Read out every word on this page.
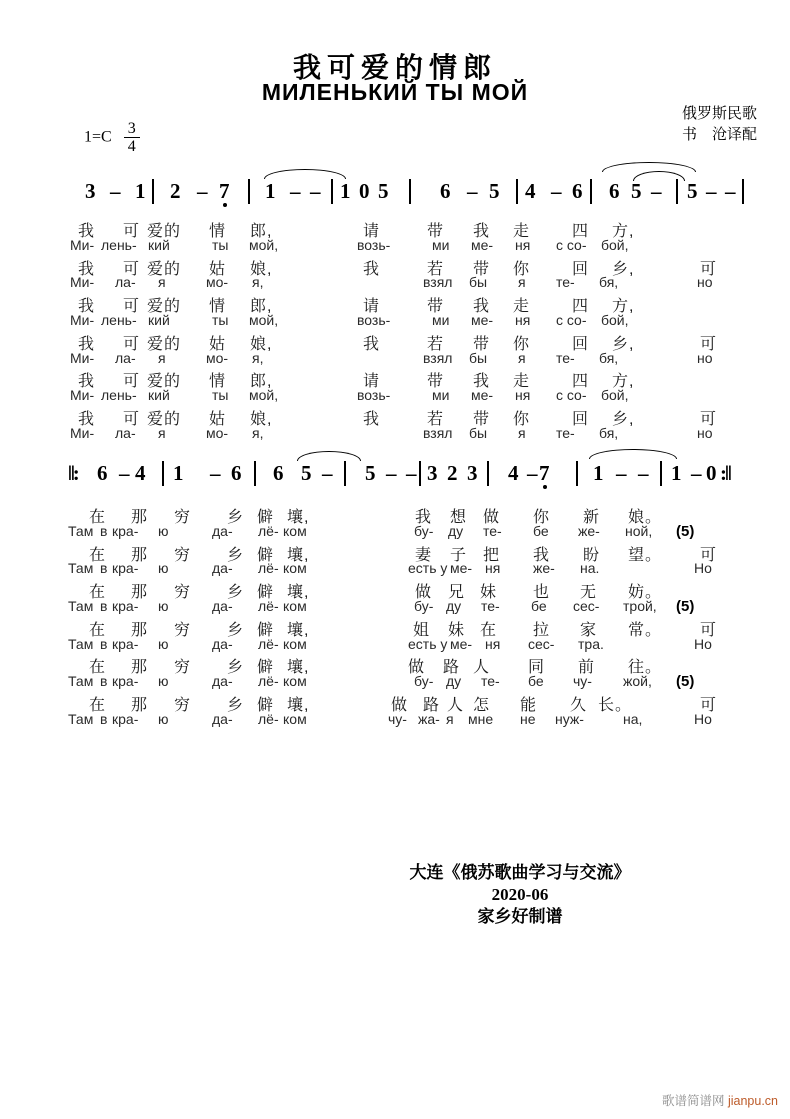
我可爱的情郎
МИЛЕНЬКИЙ ТЫ МОЙ
$1=C \frac{3}{4}$
俄罗斯民歌
书　沧译配
3 – 1 2 – 7 1 – – 1 0 5 6 – 5 4 – 6 6 5 – 5 – –
‖: 6 – 4 1 – 6 6 5 – 5 – – 3 2 3 4 – 7 1 – – 1 – 0 :‖
我 可 爱的 情 郎,	请	带 我 走	四 方,
Ми- лень- кий	ты мой,	возь-	ми ме- ня с со- бой,
我 可 爱的 姑 娘,	我	若 带 你	回 乡,	可
Ми- ла- я	мо- я,	взял бы я те- бя,	но
我 可 爱的 情 郎,	请	带 我 走	四 方,
Ми- лень- кий	ты мой,	возь-	ми ме- ня с со- бой,
我 可 爱的 姑 娘,	我	若 带 你	回 乡,	可
Ми- ла- я	мо- я,	взял бы я те- бя,	но
我 可 爱的 情 郎,	请	带 我 走	四 方,
Ми- лень- кий	ты мой,	возь-	ми ме- ня с со- бой,
我 可 爱的 姑 娘,	我	若 带 你	回 乡,	可
Ми- ла- я	мо- я,	взял бы я те- бя,	но
在 那 穷 乡 僻 壤,	我 想 做 你 新 娘。
Там в кра- ю	да- лё- ком	бу- ду те- бе же- ной, (5)
在 那 穷 乡 僻 壤,	妻 子 把 我 盼 望。 可
Там в кра- ю	да- лё- ком	есть у ме- ня же- на.	Но
在 那 穷 乡 僻 壤,	做 兄 妹 也 无 妨。
Там в кра- ю	да- лё- ком	бу- ду те- бе сес- трой, (5)
在 那 穷 乡 僻 壤,	姐 妹 在 拉 家 常。 可
Там в кра- ю	да- лё- ком	есть у ме- ня сес- тра.	Но
在 那 穷 乡 僻 壤,	做 路 人 同 前 往。
Там в кра- ю	да- лё- ком	бу- ду те- бе чу- жой, (5)
在 那 穷 乡 僻 壤,	做 路 人 怎 能 久 长。	可
Там в кра- ю	да- лё- ком	чу- жа- я мне не нуж-	на,	Но
大连《俄苏歌曲学习与交流》
2020-06
家乡好制谱
歌谱简谱网 jianpu.cn
